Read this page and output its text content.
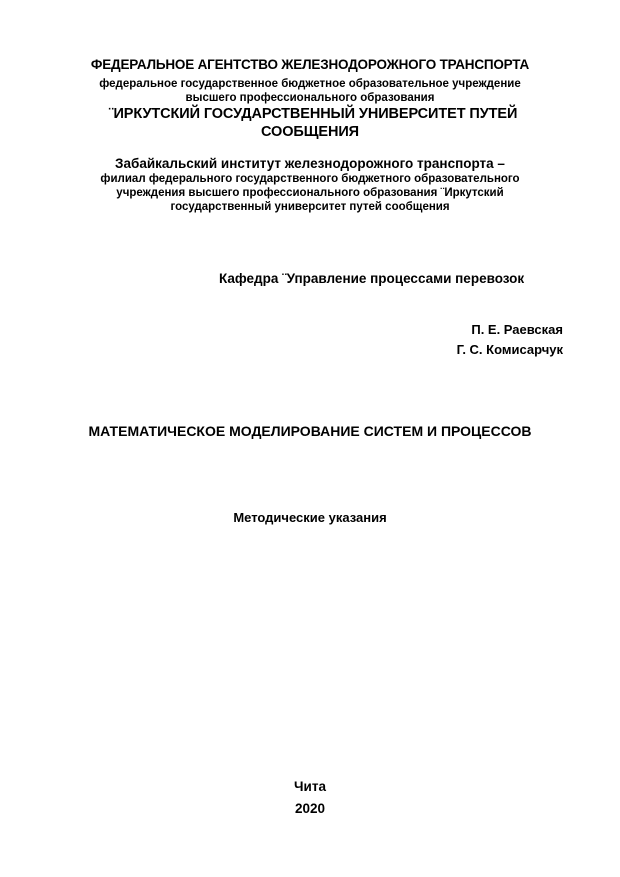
ФЕДЕРАЛЬНОЕ АГЕНТСТВО ЖЕЛЕЗНОДОРОЖНОГО ТРАНСПОРТА
федеральное государственное бюджетное образовательное учреждение
высшего профессионального образования
¨ИРКУТСКИЙ ГОСУДАРСТВЕННЫЙ УНИВЕРСИТЕТ ПУТЕЙ
СООБЩЕНИЯ
Забайкальский институт железнодорожного транспорта –
филиал федерального государственного бюджетного образовательного
учреждения высшего профессионального образования ¨Иркутский
государственный университет путей сообщения
Кафедра ¨Управление процессами перевозок
П. Е. Раевская
Г. С. Комисарчук
МАТЕМАТИЧЕСКОЕ МОДЕЛИРОВАНИЕ СИСТЕМ И ПРОЦЕССОВ
Методические указания
Чита
2020
